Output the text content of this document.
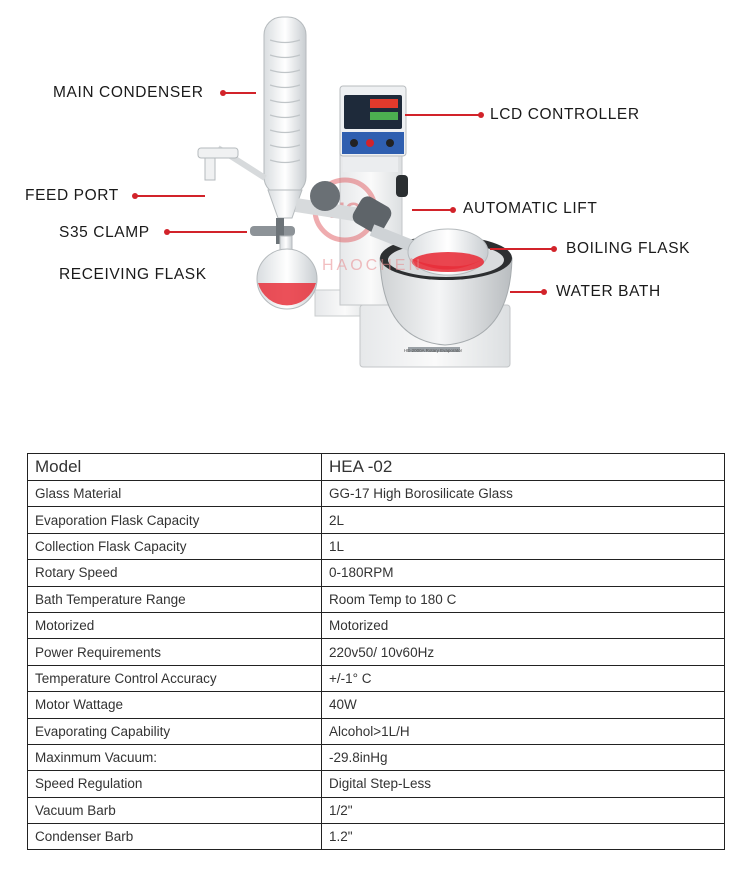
HE-2000A Rotary Evaporator
HAOCHEN
MAIN CONDENSER
FEED PORT
S35 CLAMP
RECEIVING FLASK
LCD CONTROLLER
AUTOMATIC LIFT
BOILING FLASK
WATER BATH
Model	HEA -02
Glass Material	GG-17 High Borosilicate Glass
Evaporation Flask Capacity	2L
Collection Flask Capacity	1L
Rotary Speed	0-180RPM
Bath Temperature Range	Room Temp to 180 C
Motorized	Motorized
Power Requirements	220v50/ 10v60Hz
Temperature Control Accuracy	+/-1° C
Motor Wattage	40W
Evaporating Capability	Alcohol>1L/H
Maxinmum Vacuum:	-29.8inHg
Speed Regulation	Digital Step-Less
Vacuum Barb	1/2"
Condenser Barb	1.2"
